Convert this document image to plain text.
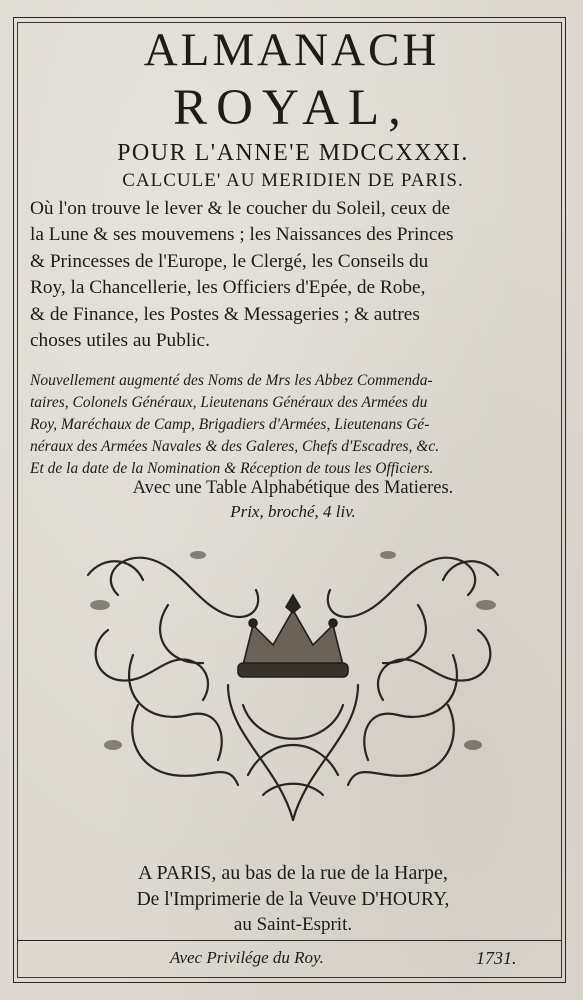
ALMANACH
ROYAL,
POUR L'ANNE'E MDCCXXXI.
CALCULE' AU MERIDIEN DE PARIS.
Où l'on trouve le lever & le coucher du Soleil, ceux de
la Lune & ses mouvemens ; les Naissances des Princes
& Princesses de l'Europe, le Clergé, les Conseils du
Roy, la Chancellerie, les Officiers d'Epée, de Robe,
& de Finance, les Postes & Messageries ; & autres
choses utiles au Public.
Nouvellement augmenté des Noms de Mrs les Abbez Commenda-
taires, Colonels Généraux, Lieutenans Généraux des Armées du
Roy, Maréchaux de Camp, Brigadiers d'Armées, Lieutenans Gé-
néraux des Armées Navales & des Galeres, Chefs d'Escadres, &c.
Et de la date de la Nomination & Réception de tous les Officiers.
Avec une Table Alphabétique des Matieres.
Prix, broché, 4 liv.
A PARIS, au bas de la rue de la Harpe,
De l'Imprimerie de la Veuve D'HOURY,
au Saint-Esprit.
Avec Privilége du Roy.	1731.
